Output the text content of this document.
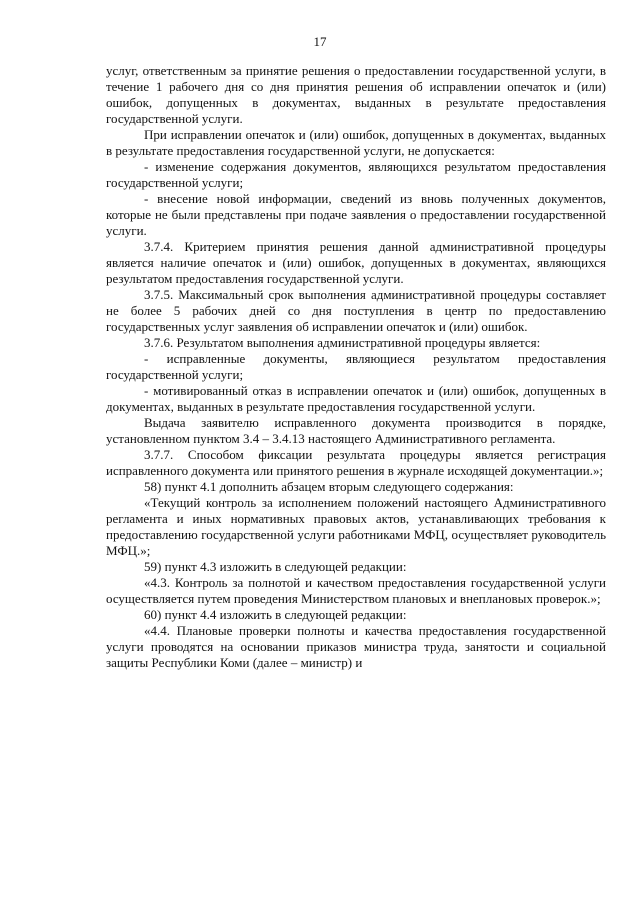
17

услуг, ответственным за принятие решения о предоставлении государственной услуги, в течение 1 рабочего дня со дня принятия решения об исправлении опечаток и (или) ошибок, допущенных в документах, выданных в результате предоставления государственной услуги.

При исправлении опечаток и (или) ошибок, допущенных в документах, выданных в результате предоставления государственной услуги, не допускается:

- изменение содержания документов, являющихся результатом предоставления государственной услуги;

- внесение новой информации, сведений из вновь полученных документов, которые не были представлены при подаче заявления о предоставлении государственной услуги.

3.7.4. Критерием принятия решения данной административной процедуры является наличие опечаток и (или) ошибок, допущенных в документах, являющихся результатом предоставления государственной услуги.

3.7.5. Максимальный срок выполнения административной процедуры составляет не более 5 рабочих дней со дня поступления в центр по предоставлению государственных услуг заявления об исправлении опечаток и (или) ошибок.

3.7.6. Результатом выполнения административной процедуры является:

- исправленные документы, являющиеся результатом предоставления государственной услуги;

- мотивированный отказ в исправлении опечаток и (или) ошибок, допущенных в документах, выданных в результате предоставления государственной услуги.

Выдача заявителю исправленного документа производится в порядке, установленном пунктом 3.4 – 3.4.13 настоящего Административного регламента.

3.7.7. Способом фиксации результата процедуры является регистрация исправленного документа или принятого решения в журнале исходящей документации.»;

58) пункт 4.1 дополнить абзацем вторым следующего содержания:

«Текущий контроль за исполнением положений настоящего Административного регламента и иных нормативных правовых актов, устанавливающих требования к предоставлению государственной услуги работниками МФЦ, осуществляет руководитель МФЦ.»;

59) пункт 4.3 изложить в следующей редакции:

«4.3. Контроль за полнотой и качеством предоставления государственной услуги осуществляется путем проведения Министерством плановых и внеплановых проверок.»;

60) пункт 4.4 изложить в следующей редакции:

«4.4. Плановые проверки полноты и качества предоставления государственной услуги проводятся на основании приказов министра труда, занятости и социальной защиты Республики Коми (далее – министр) и
